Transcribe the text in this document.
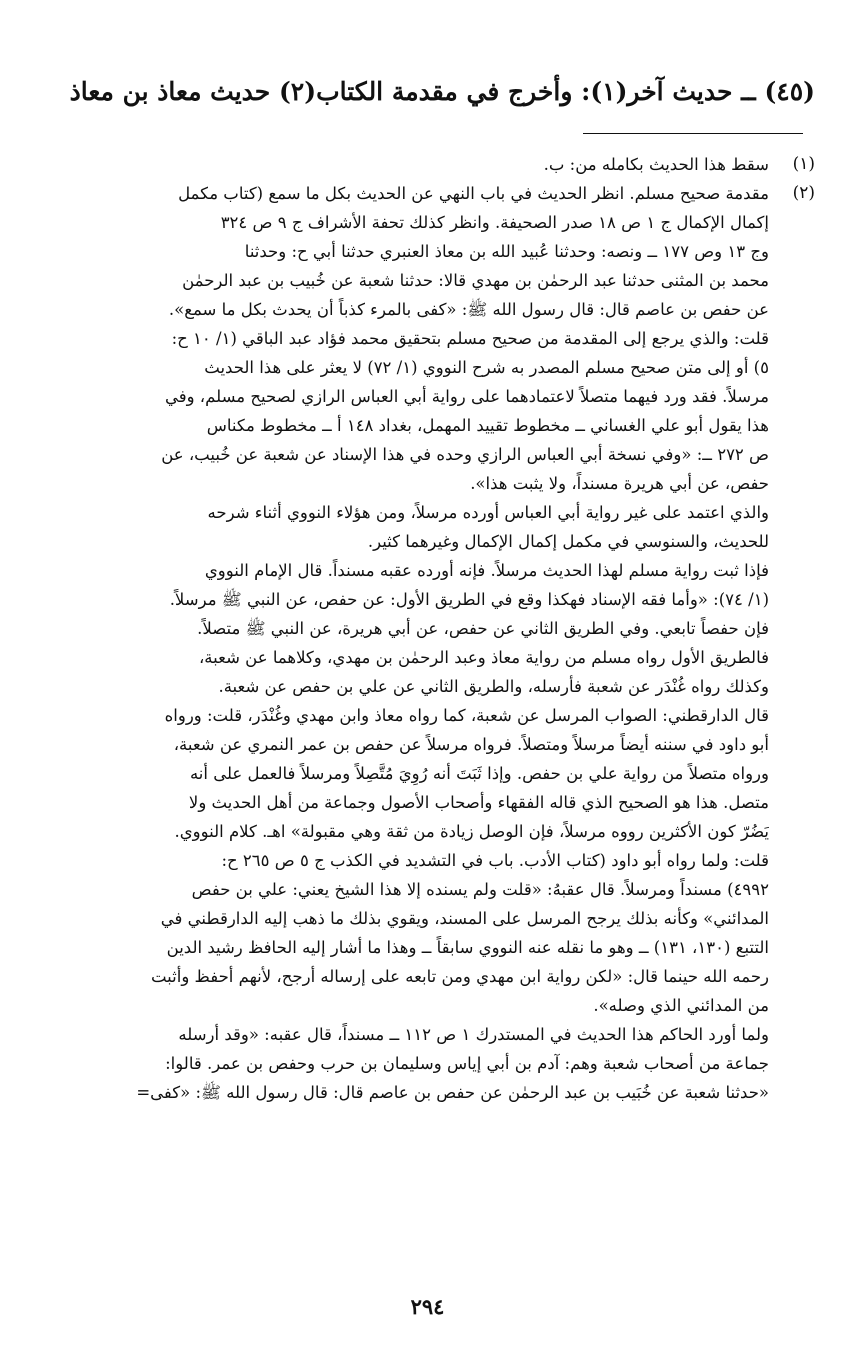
(٤٥) ــ حديث آخر(١): وأخرج في مقدمة الكتاب(٢) حديث معاذ بن معاذ
(١)
سقط هذا الحديث بكامله من: ب.
(٢)
مقدمة صحيح مسلم. انظر الحديث في باب النهي عن الحديث بكل ما سمع (كتاب مكمل
إكمال الإكمال ج ١ ص ١٨ صدر الصحيفة. وانظر كذلك تحفة الأشراف ج ٩ ص ٣٢٤
وج ١٣ وص ١٧٧ ــ ونصه: وحدثنا عُبيد الله بن معاذ العنبري حدثنا أبي ح: وحدثنا
محمد بن المثنى حدثنا عبد الرحمٰن بن مهدي قالا: حدثنا شعبة عن خُبيب بن عبد الرحمٰن
عن حفص بن عاصم قال: قال رسول الله ﷺ: «كفى بالمرء كذباً أن يحدث بكل ما سمع».
قلت: والذي يرجع إلى المقدمة من صحيح مسلم بتحقيق محمد فؤاد عبد الباقي (١/ ١٠ ح:
٥) أو إلى متن صحيح مسلم المصدر به شرح النووي (١/ ٧٢) لا يعثر على هذا الحديث
مرسلاً. فقد ورد فيهما متصلاً لاعتمادهما على رواية أبي العباس الرازي لصحيح مسلم، وفي
هذا يقول أبو علي الغساني ــ مخطوط تقييد المهمل، بغداد ١٤٨ أ ــ مخطوط مكناس
ص ٢٧٢ ــ: «وفي نسخة أبي العباس الرازي وحده في هذا الإسناد عن شعبة عن خُبيب، عن
حفص، عن أبي هريرة مسنداً، ولا يثبت هذا».
والذي اعتمد على غير رواية أبي العباس أورده مرسلاً، ومن هؤلاء النووي أثناء شرحه
للحديث، والسنوسي في مكمل إكمال الإكمال وغيرهما كثير.
فإذا ثبت رواية مسلم لهذا الحديث مرسلاً. فإنه أورده عقبه مسنداً. قال الإمام النووي
(١/ ٧٤): «وأما فقه الإسناد فهكذا وقع في الطريق الأول: عن حفص، عن النبي ﷺ مرسلاً.
فإن حفصاً تابعي. وفي الطريق الثاني عن حفص، عن أبي هريرة، عن النبي ﷺ متصلاً.
فالطريق الأول رواه مسلم من رواية معاذ وعبد الرحمٰن بن مهدي، وكلاهما عن شعبة،
وكذلك رواه غُنْدَر عن شعبة فأرسله، والطريق الثاني عن علي بن حفص عن شعبة.
قال الدارقطني: الصواب المرسل عن شعبة، كما رواه معاذ وابن مهدي وغُنْدَر، قلت: ورواه
أبو داود في سننه أيضاً مرسلاً ومتصلاً. فرواه مرسلاً عن حفص بن عمر النمري عن شعبة،
ورواه متصلاً من رواية علي بن حفص. وإذا ثَبَتَ أنه رُوِيَ مُتَّصِلاً ومرسلاً فالعمل على أنه
متصل. هذا هو الصحيح الذي قاله الفقهاء وأصحاب الأصول وجماعة من أهل الحديث ولا
يَضُرّ كون الأكثرين رووه مرسلاً، فإن الوصل زيادة من ثقة وهي مقبولة» اهـ. كلام النووي.
قلت: ولما رواه أبو داود (كتاب الأدب. باب في التشديد في الكذب ج ٥ ص ٢٦٥ ح:
٤٩٩٢) مسنداً ومرسلاً. قال عقبهُ: «قلت ولم يسنده إلا هذا الشيخ يعني: علي بن حفص
المدائني» وكأنه بذلك يرجح المرسل على المسند، ويقوي بذلك ما ذهب إليه الدارقطني في
التتبع (١٣٠، ١٣١) ــ وهو ما نقله عنه النووي سابقاً ــ وهذا ما أشار إليه الحافظ رشيد الدين
رحمه الله حينما قال: «لكن رواية ابن مهدي ومن تابعه على إرساله أرجح، لأنهم أحفظ وأثبت
من المدائني الذي وصله».
ولما أورد الحاكم هذا الحديث في المستدرك ١ ص ١١٢ ــ مسنداً، قال عقبه: «وقد أرسله
جماعة من أصحاب شعبة وهم: آدم بن أبي إياس وسليمان بن حرب وحفص بن عمر. قالوا:
«حدثنا شعبة عن خُبَيب بن عبد الرحمٰن عن حفص بن عاصم قال: قال رسول الله ﷺ: «كفى=
٢٩٤
